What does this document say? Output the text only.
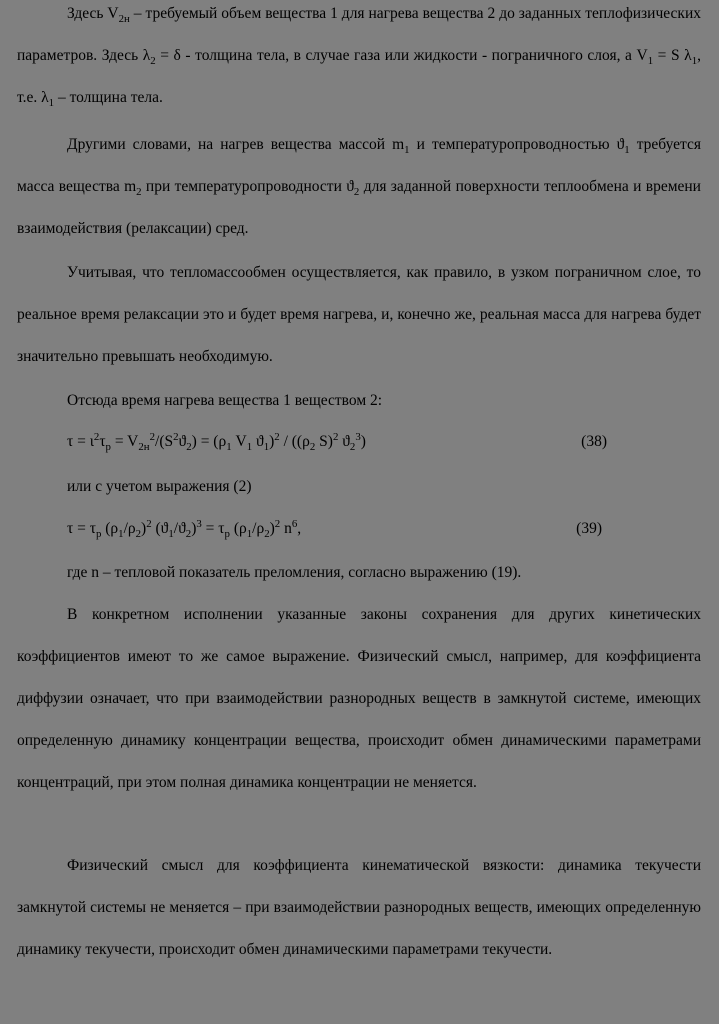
Здесь $V_{2н}$ – требуемый объем вещества 1 для нагрева вещества 2 до заданных теплофизических параметров. Здесь $\lambda_2 = \delta$ - толщина тела, в случае газа или жидкости - пограничного слоя, а $V_1 = S$ $\lambda_1$, т.е. $\lambda_1$ – толщина тела.

Другими словами, на нагрев вещества массой $m_1$ и температуропроводностью $ϑ_1$ требуется масса вещества $m_2$ при температуропроводности $ϑ_2$ для заданной поверхности теплообмена и времени взаимодействия (релаксации) сред.

Учитывая, что тепломассообмен осуществляется, как правило, в узком пограничном слое, то реальное время релаксации это и будет время нагрева, и, конечно же, реальная масса для нагрева будет значительно превышать необходимую.

Отсюда время нагрева вещества 1 веществом 2:

$\tau = \iota^2\tau_p = V_{2н}^2/(S^2ϑ_2) = (\rho_1$ $V_1$ $ϑ_1)^2 / ((\rho_2$ S)$^2$ $ϑ_2^3$)	(38)

или с учетом выражения (2)

$\tau = \tau_p$ $(\rho_1/\rho_2)^2$ $(ϑ_1/ϑ_2)^3 = \tau_p$ $(\rho_1/\rho_2)^2$ $n^6$,	(39)

где n – тепловой показатель преломления, согласно выражению (19).

В конкретном исполнении указанные законы сохранения для других кинетических коэффициентов имеют то же самое выражение. Физический смысл, например, для коэффициента диффузии означает, что при взаимодействии разнородных веществ в замкнутой системе, имеющих определенную динамику концентрации вещества, происходит обмен динамическими параметрами концентраций, при этом полная динамика концентрации не меняется.

Физический смысл для коэффициента кинематической вязкости: динамика текучести замкнутой системы не меняется – при взаимодействии разнородных веществ, имеющих определенную динамику текучести, происходит обмен динамическими параметрами текучести.
